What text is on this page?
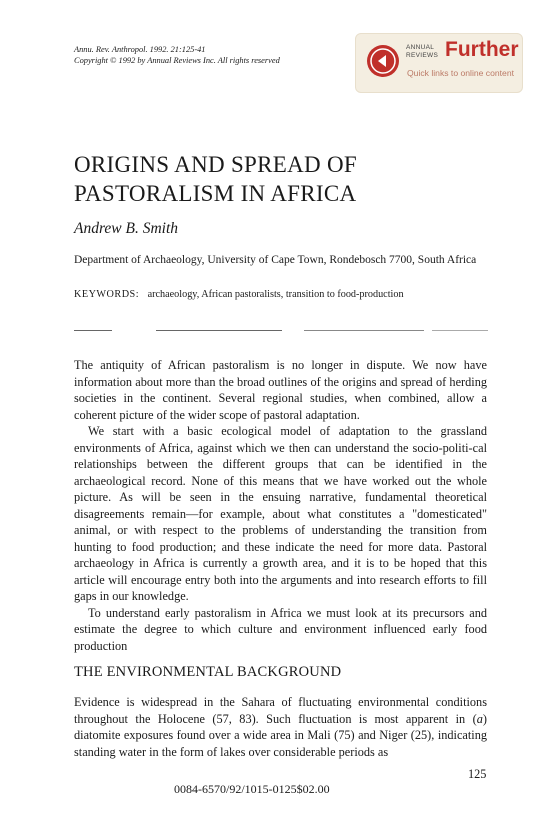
Annu. Rev. Anthropol. 1992. 21:125-41
Copyright © 1992 by Annual Reviews Inc. All rights reserved
ANNUAL
REVIEWS Further
Quick links to online content
ORIGINS AND SPREAD OF
PASTORALISM IN AFRICA
Andrew B. Smith
Department of Archaeology, University of Cape Town, Rondebosch 7700, South Africa
KEYWORDS: archaeology, African pastoralists, transition to food-production

The antiquity of African pastoralism is no longer in dispute. We now have information about more than the broad outlines of the origins and spread of herding societies in the continent. Several regional studies, when combined, allow a coherent picture of the wider scope of pastoral adaptation.

We start with a basic ecological model of adaptation to the grassland environments of Africa, against which we then can understand the socio-politi-cal relationships between the different groups that can be identified in the archaeological record. None of this means that we have worked out the whole picture. As will be seen in the ensuing narrative, fundamental theoretical disagreements remain—for example, about what constitutes a "domesticated" animal, or with respect to the problems of understanding the transition from hunting to food production; and these indicate the need for more data. Pastoral archaeology in Africa is currently a growth area, and it is to be hoped that this article will encourage entry both into the arguments and into research efforts to fill gaps in our knowledge.

To understand early pastoralism in Africa we must look at its precursors and estimate the degree to which culture and environment influenced early food production

THE ENVIRONMENTAL BACKGROUND

Evidence is widespread in the Sahara of fluctuating environmental conditions throughout the Holocene (57, 83). Such fluctuation is most apparent in (a) diatomite exposures found over a wide area in Mali (75) and Niger (25), indicating standing water in the form of lakes over considerable periods as

125
0084-6570/92/1015-0125$02.00
